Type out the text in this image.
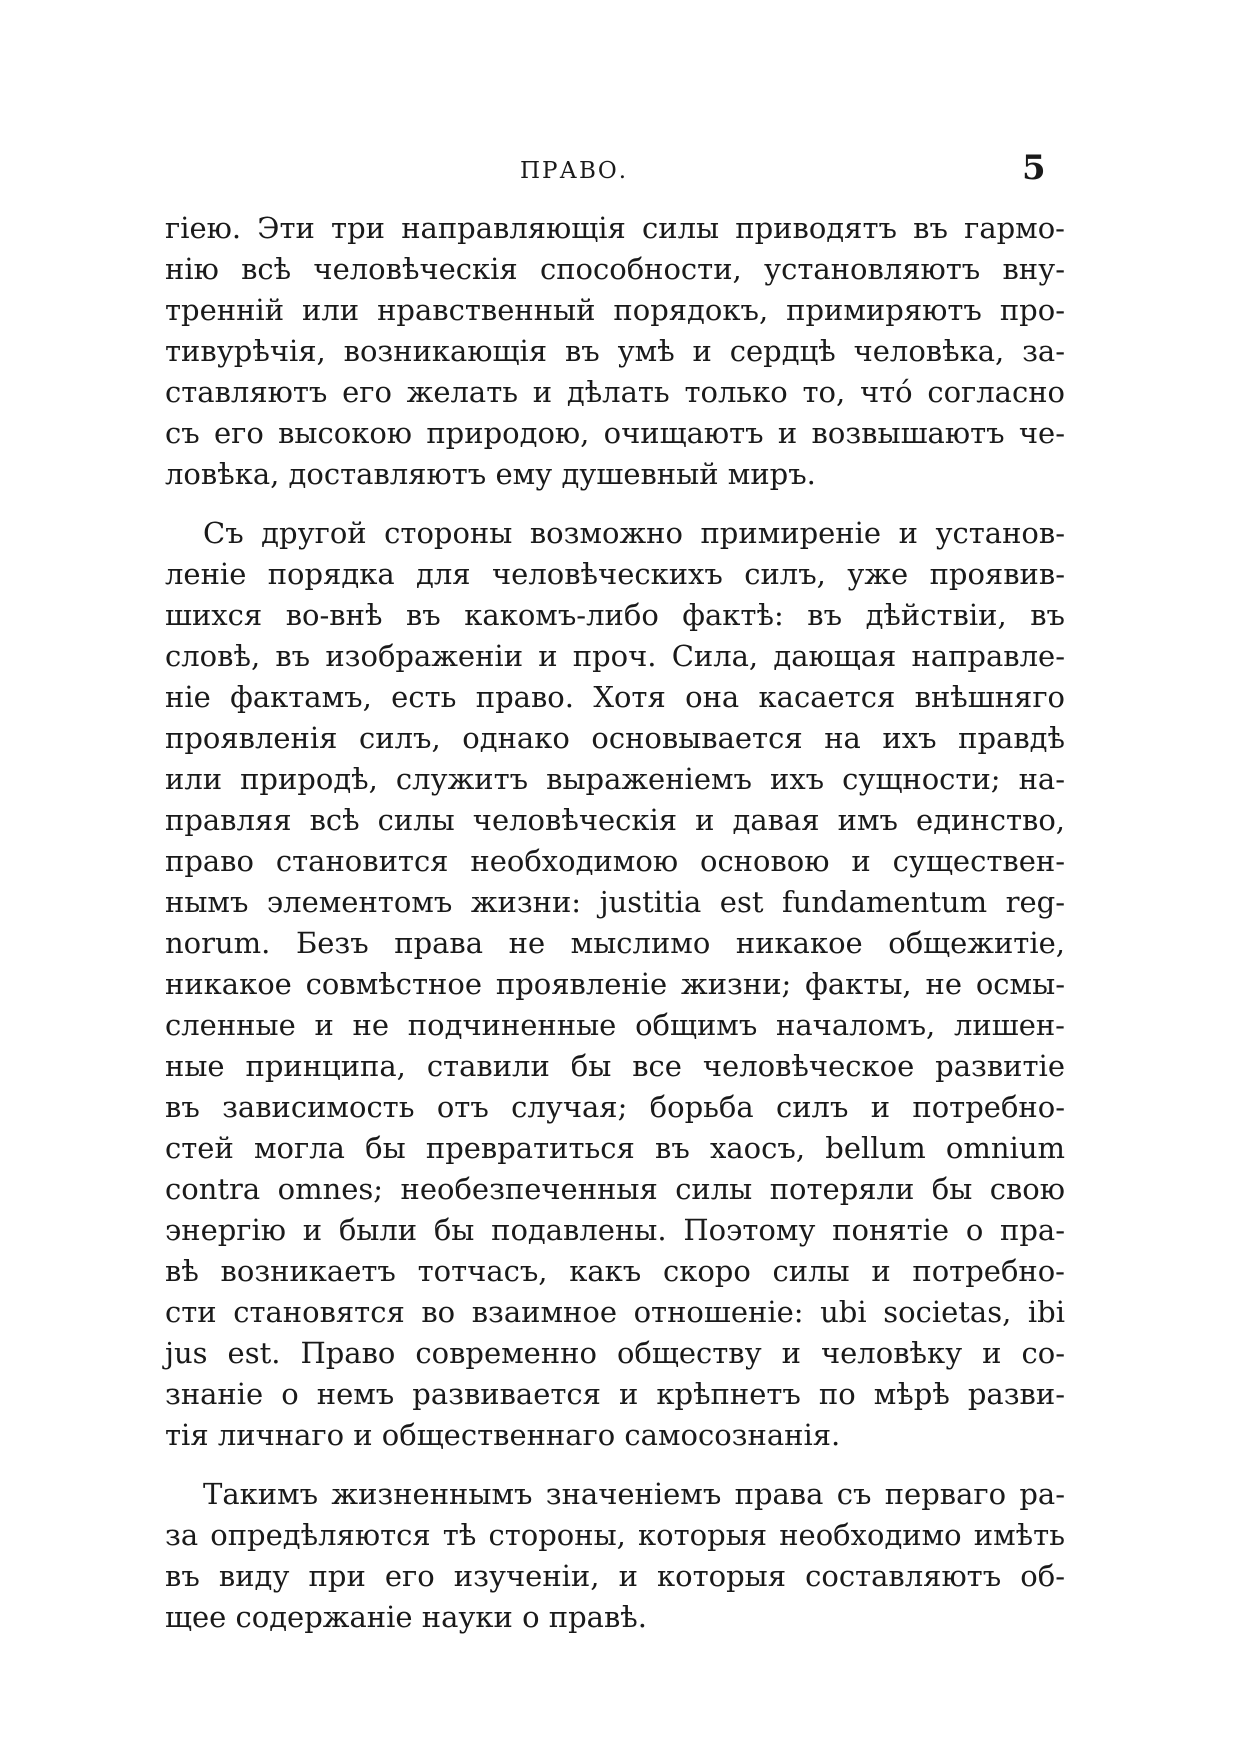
ПРАВО.	5
гіею. Эти три направляющія силы приводятъ въ гармо-
нію всѣ человѣческія способности, установляютъ вну-
тренній или нравственный порядокъ, примиряютъ про-
тивурѣчія, возникающія въ умѣ и сердцѣ человѣка, за-
ставляютъ его желать и дѣлать только то, что́ согласно
съ его высокою природою, очищаютъ и возвышаютъ че-
ловѣка, доставляютъ ему душевный миръ.
Съ другой стороны возможно примиреніе и установ-
леніе порядка для человѣческихъ силъ, уже проявив-
шихся во-внѣ въ какомъ-либо фактѣ: въ дѣйствіи, въ
словѣ, въ изображеніи и проч. Сила, дающая направле-
ніе фактамъ, есть право. Хотя она касается внѣшняго
проявленія силъ, однако основывается на ихъ правдѣ
или природѣ, служитъ выраженіемъ ихъ сущности; на-
правляя всѣ силы человѣческія и давая имъ единство,
право становится необходимою основою и существен-
нымъ элементомъ жизни: justitia est fundamentum reg-
norum. Безъ права не мыслимо никакое общежитіе,
никакое совмѣстное проявленіе жизни; факты, не осмы-
сленные и не подчиненные общимъ началомъ, лишен-
ные принципа, ставили бы все человѣческое развитіе
въ зависимость отъ случая; борьба силъ и потребно-
стей могла бы превратиться въ хаосъ, bellum omnium
contra omnes; необезпеченныя силы потеряли бы свою
энергію и были бы подавлены. Поэтому понятіе о пра-
вѣ возникаетъ тотчасъ, какъ скоро силы и потребно-
сти становятся во взаимное отношеніе: ubi societas, ibi
jus est. Право современно обществу и человѣку и со-
знаніе о немъ развивается и крѣпнетъ по мѣрѣ разви-
тія личнаго и общественнаго самосознанія.
Такимъ жизненнымъ значеніемъ права съ перваго ра-
за опредѣляются тѣ стороны, которыя необходимо имѣть
въ виду при его изученіи, и которыя составляютъ об-
щее содержаніе науки о правѣ.
